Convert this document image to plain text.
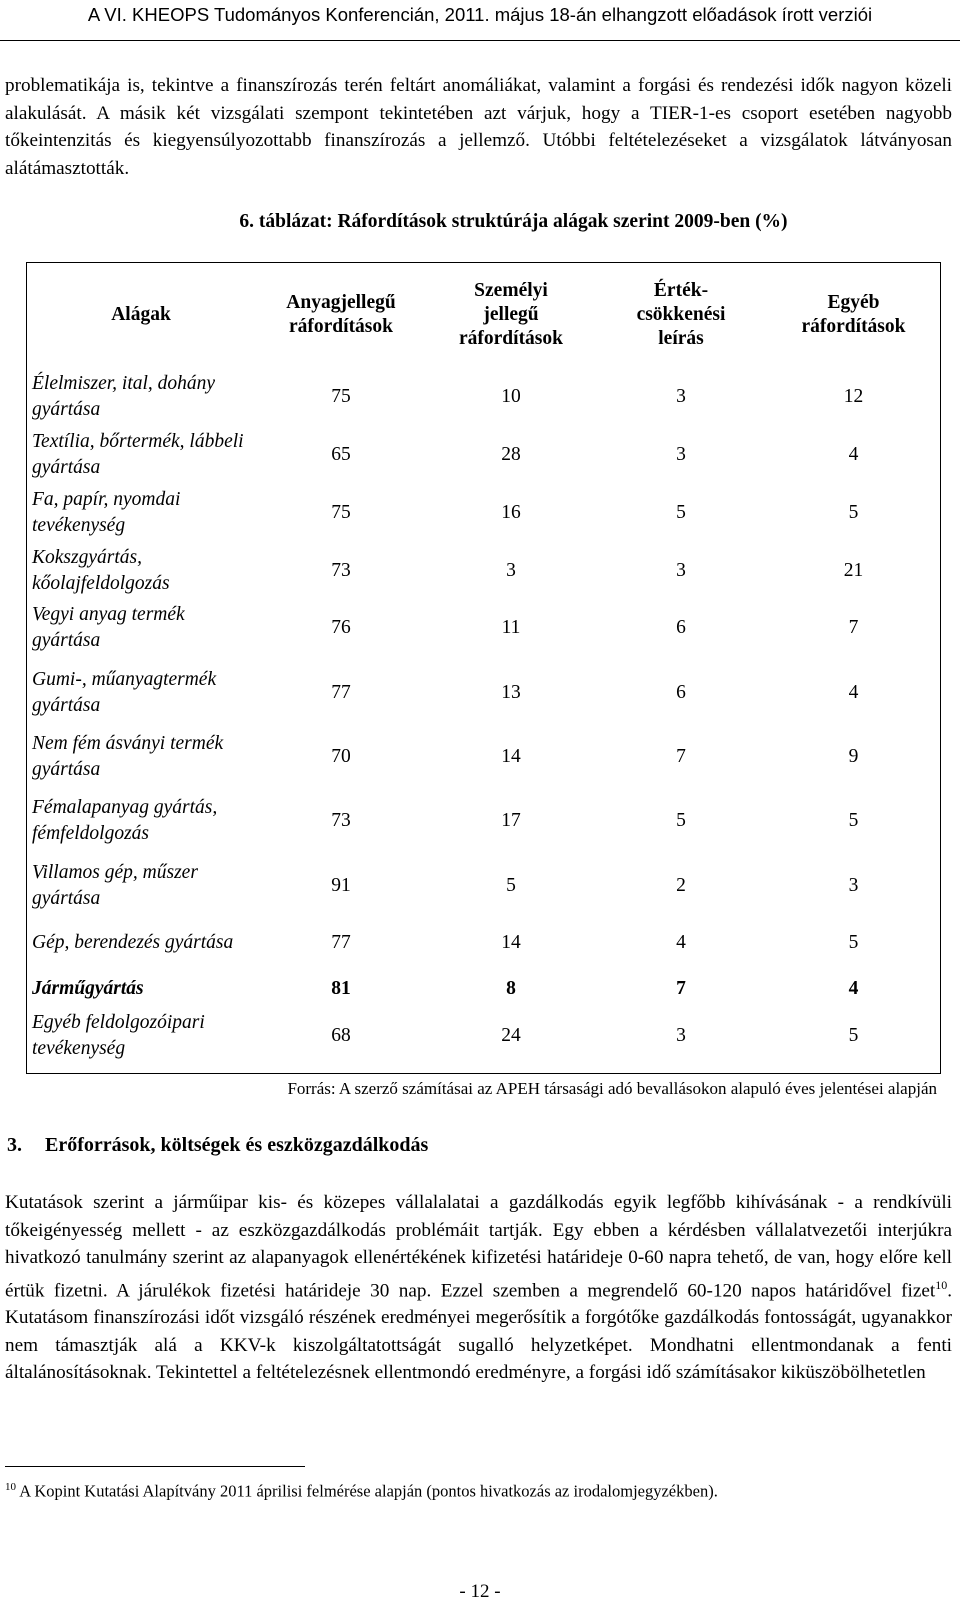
A VI. KHEOPS Tudományos Konferencián, 2011. május 18-án elhangzott előadások írott verziói

problematikája is, tekintve a finanszírozás terén feltárt anomáliákat, valamint a forgási és rendezési idők nagyon közeli alakulását. A másik két vizsgálati szempont tekintetében azt várjuk, hogy a TIER-1-es csoport esetében nagyobb tőkeintenzitás és kiegyensúlyozottabb finanszírozás a jellemző. Utóbbi feltételezéseket a vizsgálatok látványosan alátámasztották.

6. táblázat: Ráfordítások struktúrája alágak szerint 2009-ben (%)
Alágak	Anyagjellegű ráfordítások	Személyi jellegű ráfordítások	Érték-csökkenési leírás	Egyéb ráfordítások
Élelmiszer, ital, dohány gyártása	75	10	3	12
Textília, bőrtermék, lábbeli gyártása	65	28	3	4
Fa, papír, nyomdai tevékenység	75	16	5	5
Kokszgyártás, kőolajfeldolgozás	73	3	3	21
Vegyi anyag termék gyártása	76	11	6	7
Gumi-, műanyagtermék gyártása	77	13	6	4
Nem fém ásványi termék gyártása	70	14	7	9
Fémalapanyag gyártás, fémfeldolgozás	73	17	5	5
Villamos gép, műszer gyártása	91	5	2	3
Gép, berendezés gyártása	77	14	4	5
Járműgyártás	81	8	7	4
Egyéb feldolgozóipari tevékenység	68	24	3	5
Forrás: A szerző számításai az APEH társasági adó bevallásokon alapuló éves jelentései alapján
3. Erőforrások, költségek és eszközgazdálkodás

Kutatások szerint a járműipar kis- és közepes vállalalatai a gazdálkodás egyik legfőbb kihívásának - a rendkívüli tőkeigényesség mellett - az eszközgazdálkodás problémáit tartják. Egy ebben a kérdésben vállalatvezetői interjúkra hivatkozó tanulmány szerint az alapanyagok ellenértékének kifizetési határideje 0-60 napra tehető, de van, hogy előre kell értük fizetni. A járulékok fizetési határideje 30 nap. Ezzel szemben a megrendelő 60-120 napos határidővel fizet$^{10}$. Kutatásom finanszírozási időt vizsgáló részének eredményei megerősítik a forgótőke gazdálkodás fontosságát, ugyanakkor nem támasztják alá a KKV-k kiszolgáltatottságát sugalló helyzetképet. Mondhatni ellentmondanak a fenti általánosításoknak. Tekintettel a feltételezésnek ellentmondó eredményre, a forgási idő számításakor kiküszöbölhetetlen

$^{10}$ A Kopint Kutatási Alapítvány 2011 áprilisi felmérése alapján (pontos hivatkozás az irodalomjegyzékben).
- 12 -
